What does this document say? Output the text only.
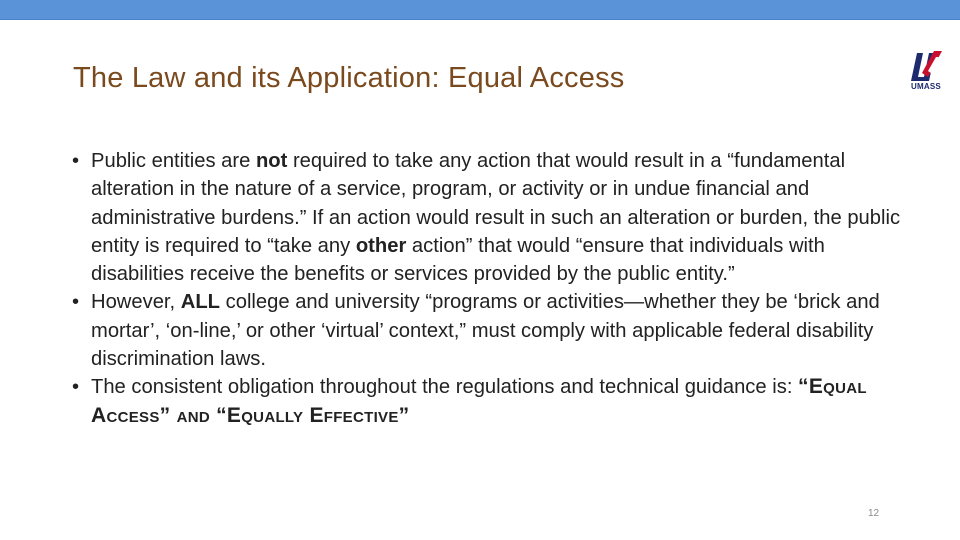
The Law and its Application: Equal Access	UMASS
• Public entities are not required to take any action that would result in a “fundamental alteration in the nature of a service, program, or activity or in undue financial and administrative burdens.” If an action would result in such an alteration or burden, the public entity is required to “take any other action” that would “ensure that individuals with disabilities receive the benefits or services provided by the public entity.”
• However, ALL college and university “programs or activities—whether they be ‘brick and mortar’, ‘on-line,’ or other ‘virtual’ context,” must comply with applicable federal disability discrimination laws.
• The consistent obligation throughout the regulations and technical guidance is: “Equal Access” and “Equally Effective”
12
